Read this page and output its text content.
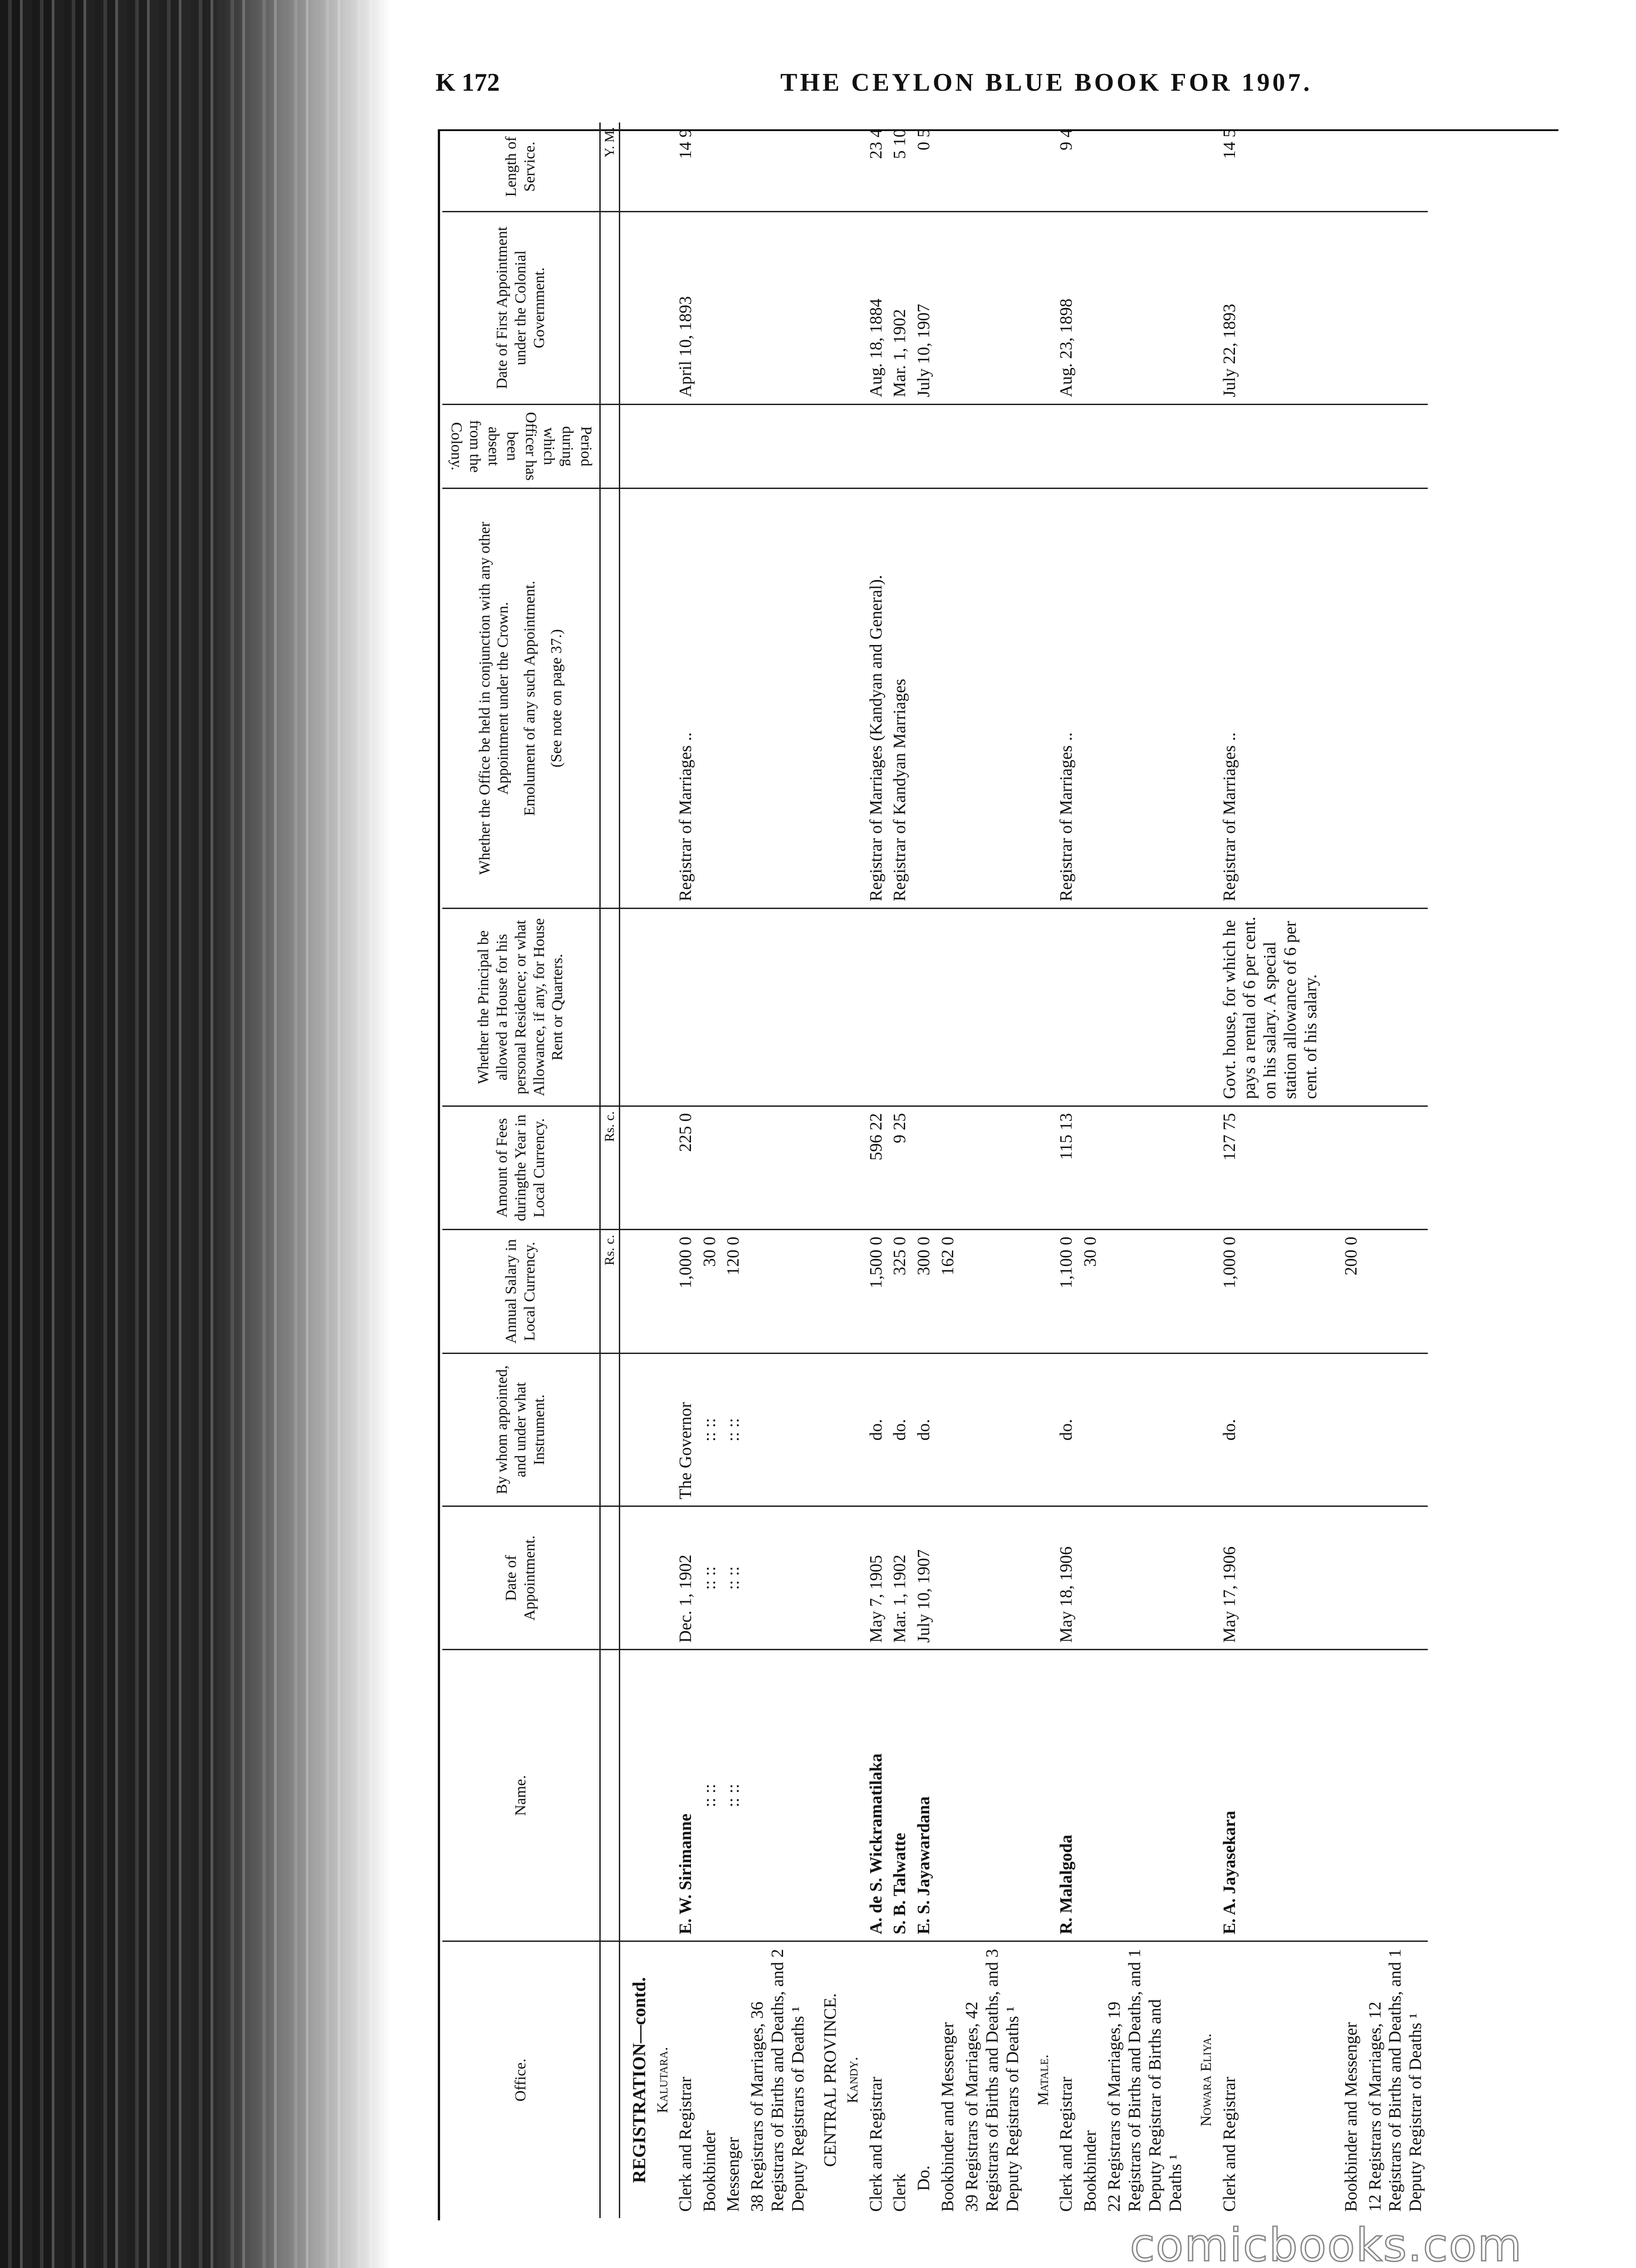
K 172	THE CEYLON BLUE BOOK FOR 1907.
Office.	Name.	Date of Appointment.	By whom appointed, and under what Instrument.	Annual Salary in Local Currency.	Amount of Fees duringthe Year in Local Currency.	Whether the Principal be allowed a House for his personal Residence; or what Allowance, if any, for House Rent or Quarters.	Whether the Office be held in conjunction with any other Appointment under the Crown. Emolument of any such Appointment. (See note on page 37.)	Period during which Officer has been absent from the Colony.	Date of First Appointment under the Colonial Government.	Length of Service.
				Rs. c.	Rs. c.					Y. M.
REGISTRATION—contd.										
Kalutara.										
Clerk and Registrar	E. W. Sirimanne	Dec. 1, 1902	The Governor	1,000 0	225 0		Registrar of Marriages ..		April 10, 1893	14 9
Bookbinder	:: ::	:: ::	:: ::	30 0						
Messenger	:: ::	:: ::	:: ::	120 0						
38 Registrars of Marriages, 36 Registrars of Births and Deaths, and 2 Deputy Registrars of Deaths ¹										
CENTRAL PROVINCE.										
Kandy.										
Clerk and Registrar	A. de S. Wickramatilaka	May 7, 1905	do.	1,500 0	596 22		Registrar of Marriages (Kandyan and General).		Aug. 18, 1884	23 4
Clerk	S. B. Talwatte	Mar. 1, 1902	do.	325 0	9 25		Registrar of Kandyan Marriages		Mar. 1, 1902	5 10
Do.	E. S. Jayawardana	July 10, 1907	do.	300 0					July 10, 1907	0 5
Bookbinder and Messenger				162 0						
39 Registrars of Marriages, 42 Registrars of Births and Deaths, and 3 Deputy Registrars of Deaths ¹										
Matale.										
Clerk and Registrar	R. Malalgoda	May 18, 1906	do.	1,100 0	115 13		Registrar of Marriages ..		Aug. 23, 1898	9 4
Bookbinder				30 0						
22 Registrars of Marriages, 19 Registrars of Births and Deaths, and 1 Deputy Registrar of Births and Deaths ¹										
Nowara Eliya.										
Clerk and Registrar	E. A. Jayasekara	May 17, 1906	do.	1,000 0	127 75	Govt. house, for which he pays a rental of 6 per cent. on his salary. A special station allowance of 6 per cent. of his salary.	Registrar of Marriages ..		July 22, 1893	14 5
Bookbinder and Messenger				200 0						
12 Registrars of Marriages, 12 Registrars of Births and Deaths, and 1 Deputy Registrar of Deaths ¹										
comicbooks.com
